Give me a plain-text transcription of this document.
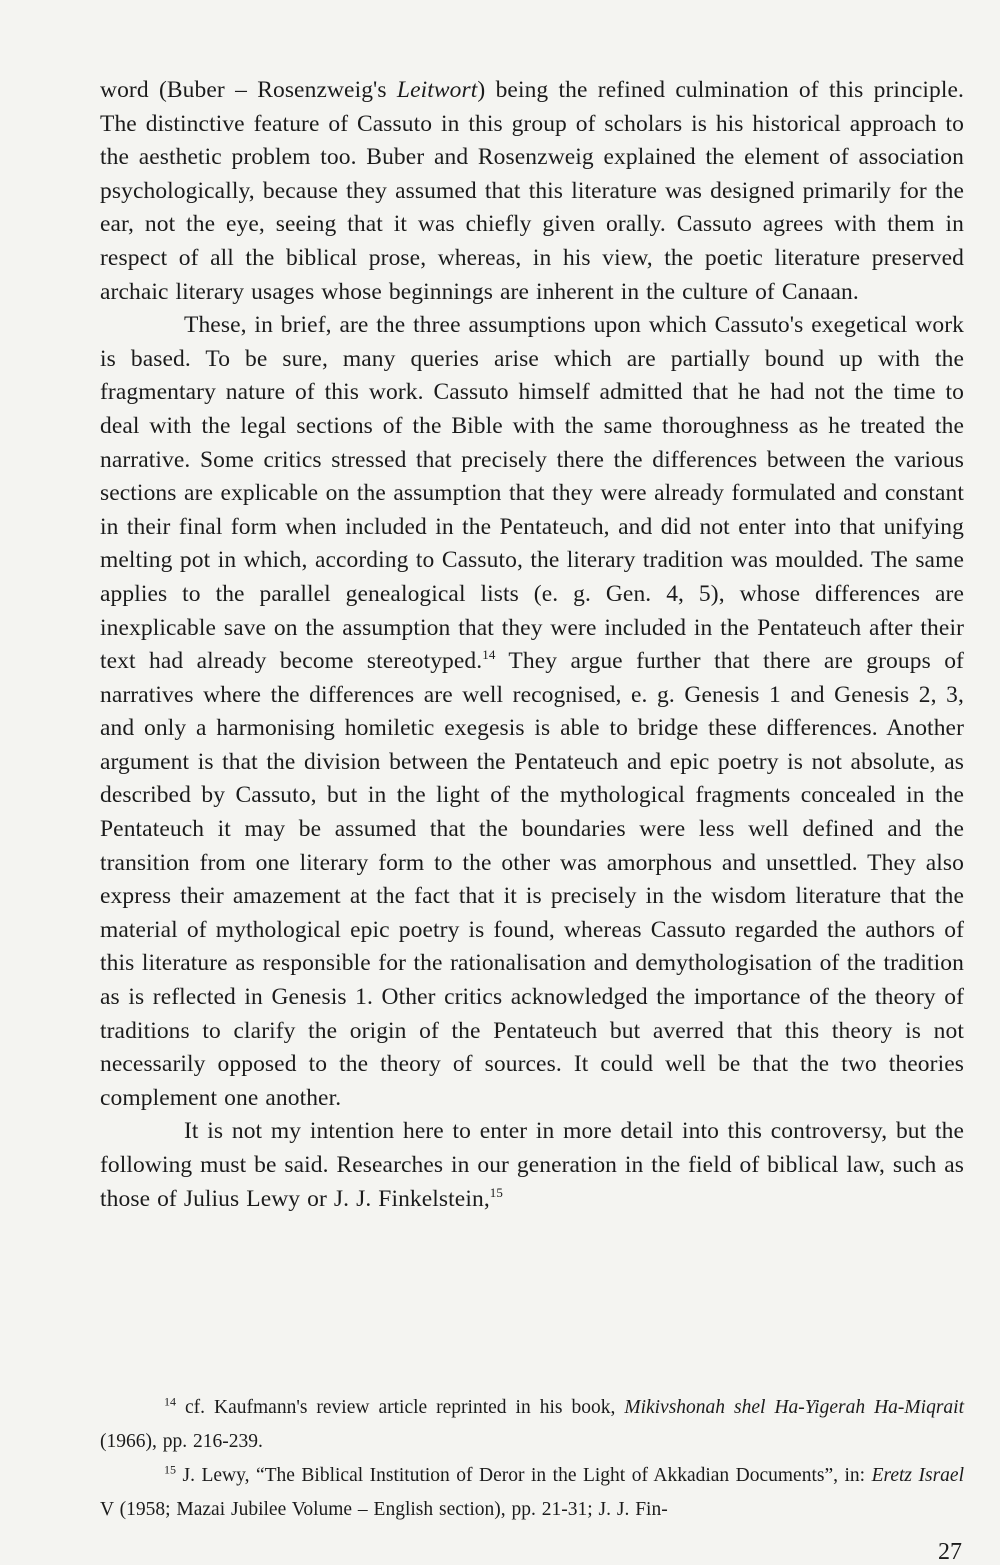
word (Buber – Rosenzweig's Leitwort) being the refined culmination of this principle. The distinctive feature of Cassuto in this group of scholars is his historical approach to the aesthetic problem too. Buber and Rosenzweig explained the element of association psychologically, because they assumed that this literature was designed primarily for the ear, not the eye, seeing that it was chiefly given orally. Cassuto agrees with them in respect of all the biblical prose, whereas, in his view, the poetic literature preserved archaic literary usages whose beginnings are inherent in the culture of Canaan.

These, in brief, are the three assumptions upon which Cassuto's exegetical work is based. To be sure, many queries arise which are partially bound up with the fragmentary nature of this work. Cassuto himself admitted that he had not the time to deal with the legal sections of the Bible with the same thoroughness as he treated the narrative. Some critics stressed that precisely there the differences between the various sections are explicable on the assumption that they were already formulated and constant in their final form when included in the Pentateuch, and did not enter into that unifying melting pot in which, according to Cassuto, the literary tradition was moulded. The same applies to the parallel genealogical lists (e. g. Gen. 4, 5), whose differences are inexplicable save on the assumption that they were included in the Pentateuch after their text had already become stereotyped.$^{14}$ They argue further that there are groups of narratives where the differences are well recognised, e. g. Genesis 1 and Genesis 2, 3, and only a harmonising homiletic exegesis is able to bridge these differences. Another argument is that the division between the Pentateuch and epic poetry is not absolute, as described by Cassuto, but in the light of the mythological fragments concealed in the Pentateuch it may be assumed that the boundaries were less well defined and the transition from one literary form to the other was amorphous and unsettled. They also express their amazement at the fact that it is precisely in the wisdom literature that the material of mythological epic poetry is found, whereas Cassuto regarded the authors of this literature as responsible for the rationalisation and demythologisation of the tradition as is reflected in Genesis 1. Other critics acknowledged the importance of the theory of traditions to clarify the origin of the Pentateuch but averred that this theory is not necessarily opposed to the theory of sources. It could well be that the two theories complement one another.

It is not my intention here to enter in more detail into this controversy, but the following must be said. Researches in our generation in the field of biblical law, such as those of Julius Lewy or J. J. Finkelstein,$^{15}$

$^{14}$ cf. Kaufmann's review article reprinted in his book, Mikivshonah shel Ha-Yigerah Ha-Miqrait (1966), pp. 216-239.

$^{15}$ J. Lewy, “The Biblical Institution of Deror in the Light of Akkadian Documents”, in: Eretz Israel V (1958; Mazai Jubilee Volume – English section), pp. 21-31; J. J. Fin-

27
